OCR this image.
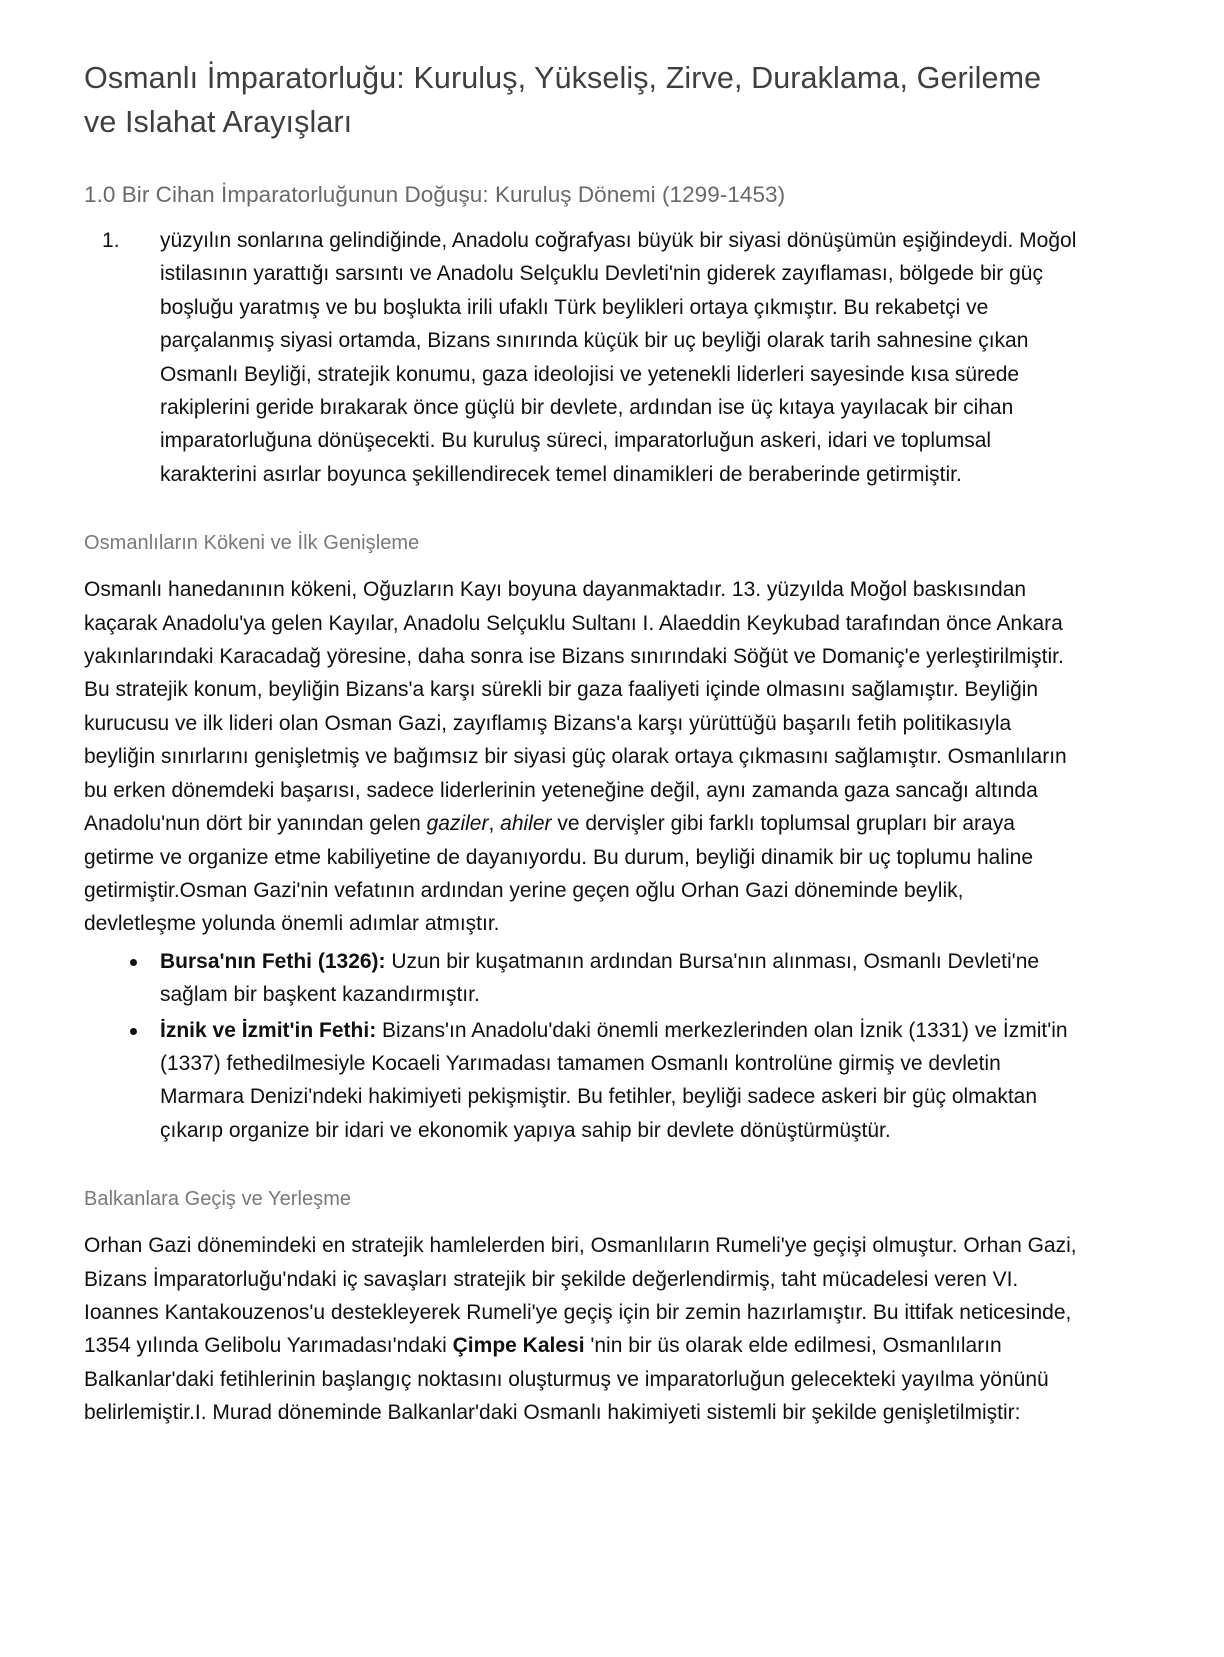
Osmanlı İmparatorluğu: Kuruluş, Yükseliş, Zirve, Duraklama, Gerileme ve Islahat Arayışları
1.0 Bir Cihan İmparatorluğunun Doğuşu: Kuruluş Dönemi (1299-1453)
yüzyılın sonlarına gelindiğinde, Anadolu coğrafyası büyük bir siyasi dönüşümün eşiğindeydi. Moğol istilasının yarattığı sarsıntı ve Anadolu Selçuklu Devleti'nin giderek zayıflaması, bölgede bir güç boşluğu yaratmış ve bu boşlukta irili ufaklı Türk beylikleri ortaya çıkmıştır. Bu rekabetçi ve parçalanmış siyasi ortamda, Bizans sınırında küçük bir uç beyliği olarak tarih sahnesine çıkan Osmanlı Beyliği, stratejik konumu, gaza ideolojisi ve yetenekli liderleri sayesinde kısa sürede rakiplerini geride bırakarak önce güçlü bir devlete, ardından ise üç kıtaya yayılacak bir cihan imparatorluğuna dönüşecekti. Bu kuruluş süreci, imparatorluğun askeri, idari ve toplumsal karakterini asırlar boyunca şekillendirecek temel dinamikleri de beraberinde getirmiştir.
Osmanlıların Kökeni ve İlk Genişleme

Osmanlı hanedanının kökeni, Oğuzların Kayı boyuna dayanmaktadır. 13. yüzyılda Moğol baskısından kaçarak Anadolu'ya gelen Kayılar, Anadolu Selçuklu Sultanı I. Alaeddin Keykubad tarafından önce Ankara yakınlarındaki Karacadağ yöresine, daha sonra ise Bizans sınırındaki Söğüt ve Domaniç'e yerleştirilmiştir. Bu stratejik konum, beyliğin Bizans'a karşı sürekli bir gaza faaliyeti içinde olmasını sağlamıştır. Beyliğin kurucusu ve ilk lideri olan Osman Gazi, zayıflamış Bizans'a karşı yürüttüğü başarılı fetih politikasıyla beyliğin sınırlarını genişletmiş ve bağımsız bir siyasi güç olarak ortaya çıkmasını sağlamıştır. Osmanlıların bu erken dönemdeki başarısı, sadece liderlerinin yeteneğine değil, aynı zamanda gaza sancağı altında Anadolu'nun dört bir yanından gelen gaziler, ahiler ve dervişler gibi farklı toplumsal grupları bir araya getirme ve organize etme kabiliyetine de dayanıyordu. Bu durum, beyliği dinamik bir uç toplumu haline getirmiştir.Osman Gazi'nin vefatının ardından yerine geçen oğlu Orhan Gazi döneminde beylik, devletleşme yolunda önemli adımlar atmıştır.

Bursa'nın Fethi (1326): Uzun bir kuşatmanın ardından Bursa'nın alınması, Osmanlı Devleti'ne sağlam bir başkent kazandırmıştır.
İznik ve İzmit'in Fethi: Bizans'ın Anadolu'daki önemli merkezlerinden olan İznik (1331) ve İzmit'in (1337) fethedilmesiyle Kocaeli Yarımadası tamamen Osmanlı kontrolüne girmiş ve devletin Marmara Denizi'ndeki hakimiyeti pekişmiştir. Bu fetihler, beyliği sadece askeri bir güç olmaktan çıkarıp organize bir idari ve ekonomik yapıya sahip bir devlete dönüştürmüştür.
Balkanlara Geçiş ve Yerleşme

Orhan Gazi dönemindeki en stratejik hamlelerden biri, Osmanlıların Rumeli'ye geçişi olmuştur. Orhan Gazi, Bizans İmparatorluğu'ndaki iç savaşları stratejik bir şekilde değerlendirmiş, taht mücadelesi veren VI. Ioannes Kantakouzenos'u destekleyerek Rumeli'ye geçiş için bir zemin hazırlamıştır. Bu ittifak neticesinde, 1354 yılında Gelibolu Yarımadası'ndaki Çimpe Kalesi 'nin bir üs olarak elde edilmesi, Osmanlıların Balkanlar'daki fetihlerinin başlangıç noktasını oluşturmuş ve imparatorluğun gelecekteki yayılma yönünü belirlemiştir.I. Murad döneminde Balkanlar'daki Osmanlı hakimiyeti sistemli bir şekilde genişletilmiştir:
